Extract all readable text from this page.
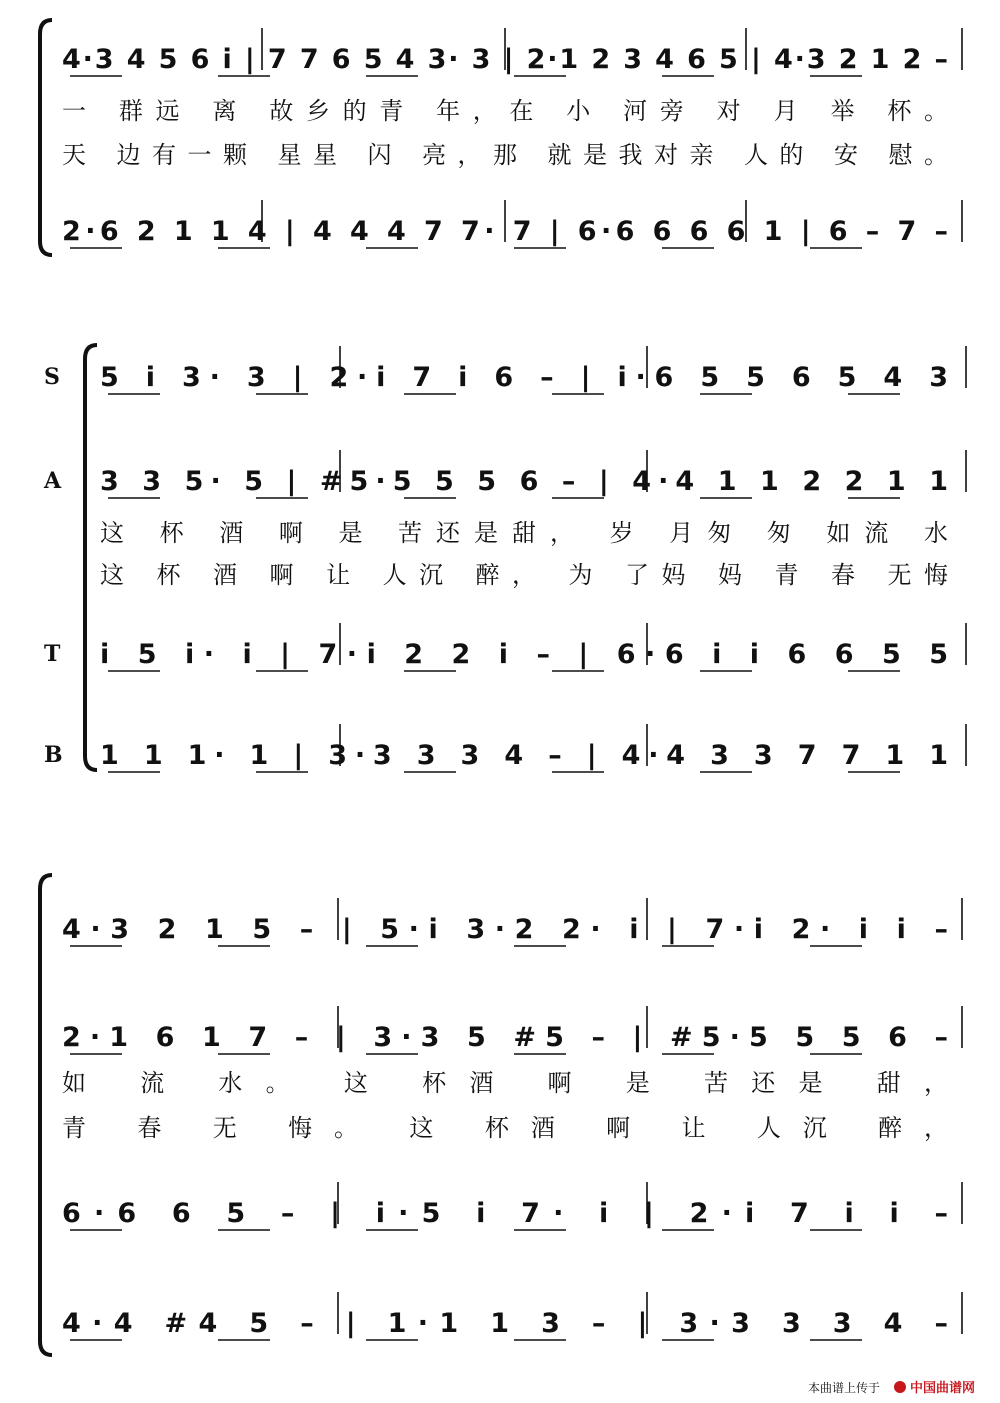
4·3 4 5 6 i | 7 7 6 5 4 3· 3 | 2·1 2 3 4 6 5 | 4·3 2 1 2 –
一 群远 离 故乡的青 年，在 小 河旁 对 月 举 杯。
天 边有一颗 星星 闪 亮，那 就是我对亲 人的 安 慰。
2·6 2 1 1 4 | 4 4 4 7 7· 7 | 6·6 6 6 6 1 | 6 – 7 –
S
A
T
B
5 i 3· 3 | 2·i 7 i 6 – | i·6 5 5 6 5 4 3
3 3 5· 5 | #5·5 5 5 6 – | 4·4 1 1 2 2 1 1
这 杯 酒 啊 是 苦还是甜， 岁 月匆 匆 如流 水
这 杯 酒 啊 让 人沉 醉， 为 了妈 妈 青 春 无悔
i 5 i· i | 7·i 2 2 i – | 6·6 i i 6 6 5 5
1 1 1· 1 | 3·3 3 3 4 – | 4·4 3 3 7 7 1 1
4·3 2 1 5 – | 5·i 3·2 2· i | 7·i 2· i i –
2·1 6 1 7 – | 3·3 5 #5 – | #5·5 5 5 6 –
如 流 水。 这 杯酒 啊 是 苦还是 甜，
青 春 无 悔。 这 杯酒 啊 让 人沉 醉，
6·6 6 5 – | i·5 i 7· i | 2·i 7 i i –
4·4 #4 5 – | 1·1 1 3 – | 3·3 3 3 4 –
本曲谱上传于 中国曲谱网
